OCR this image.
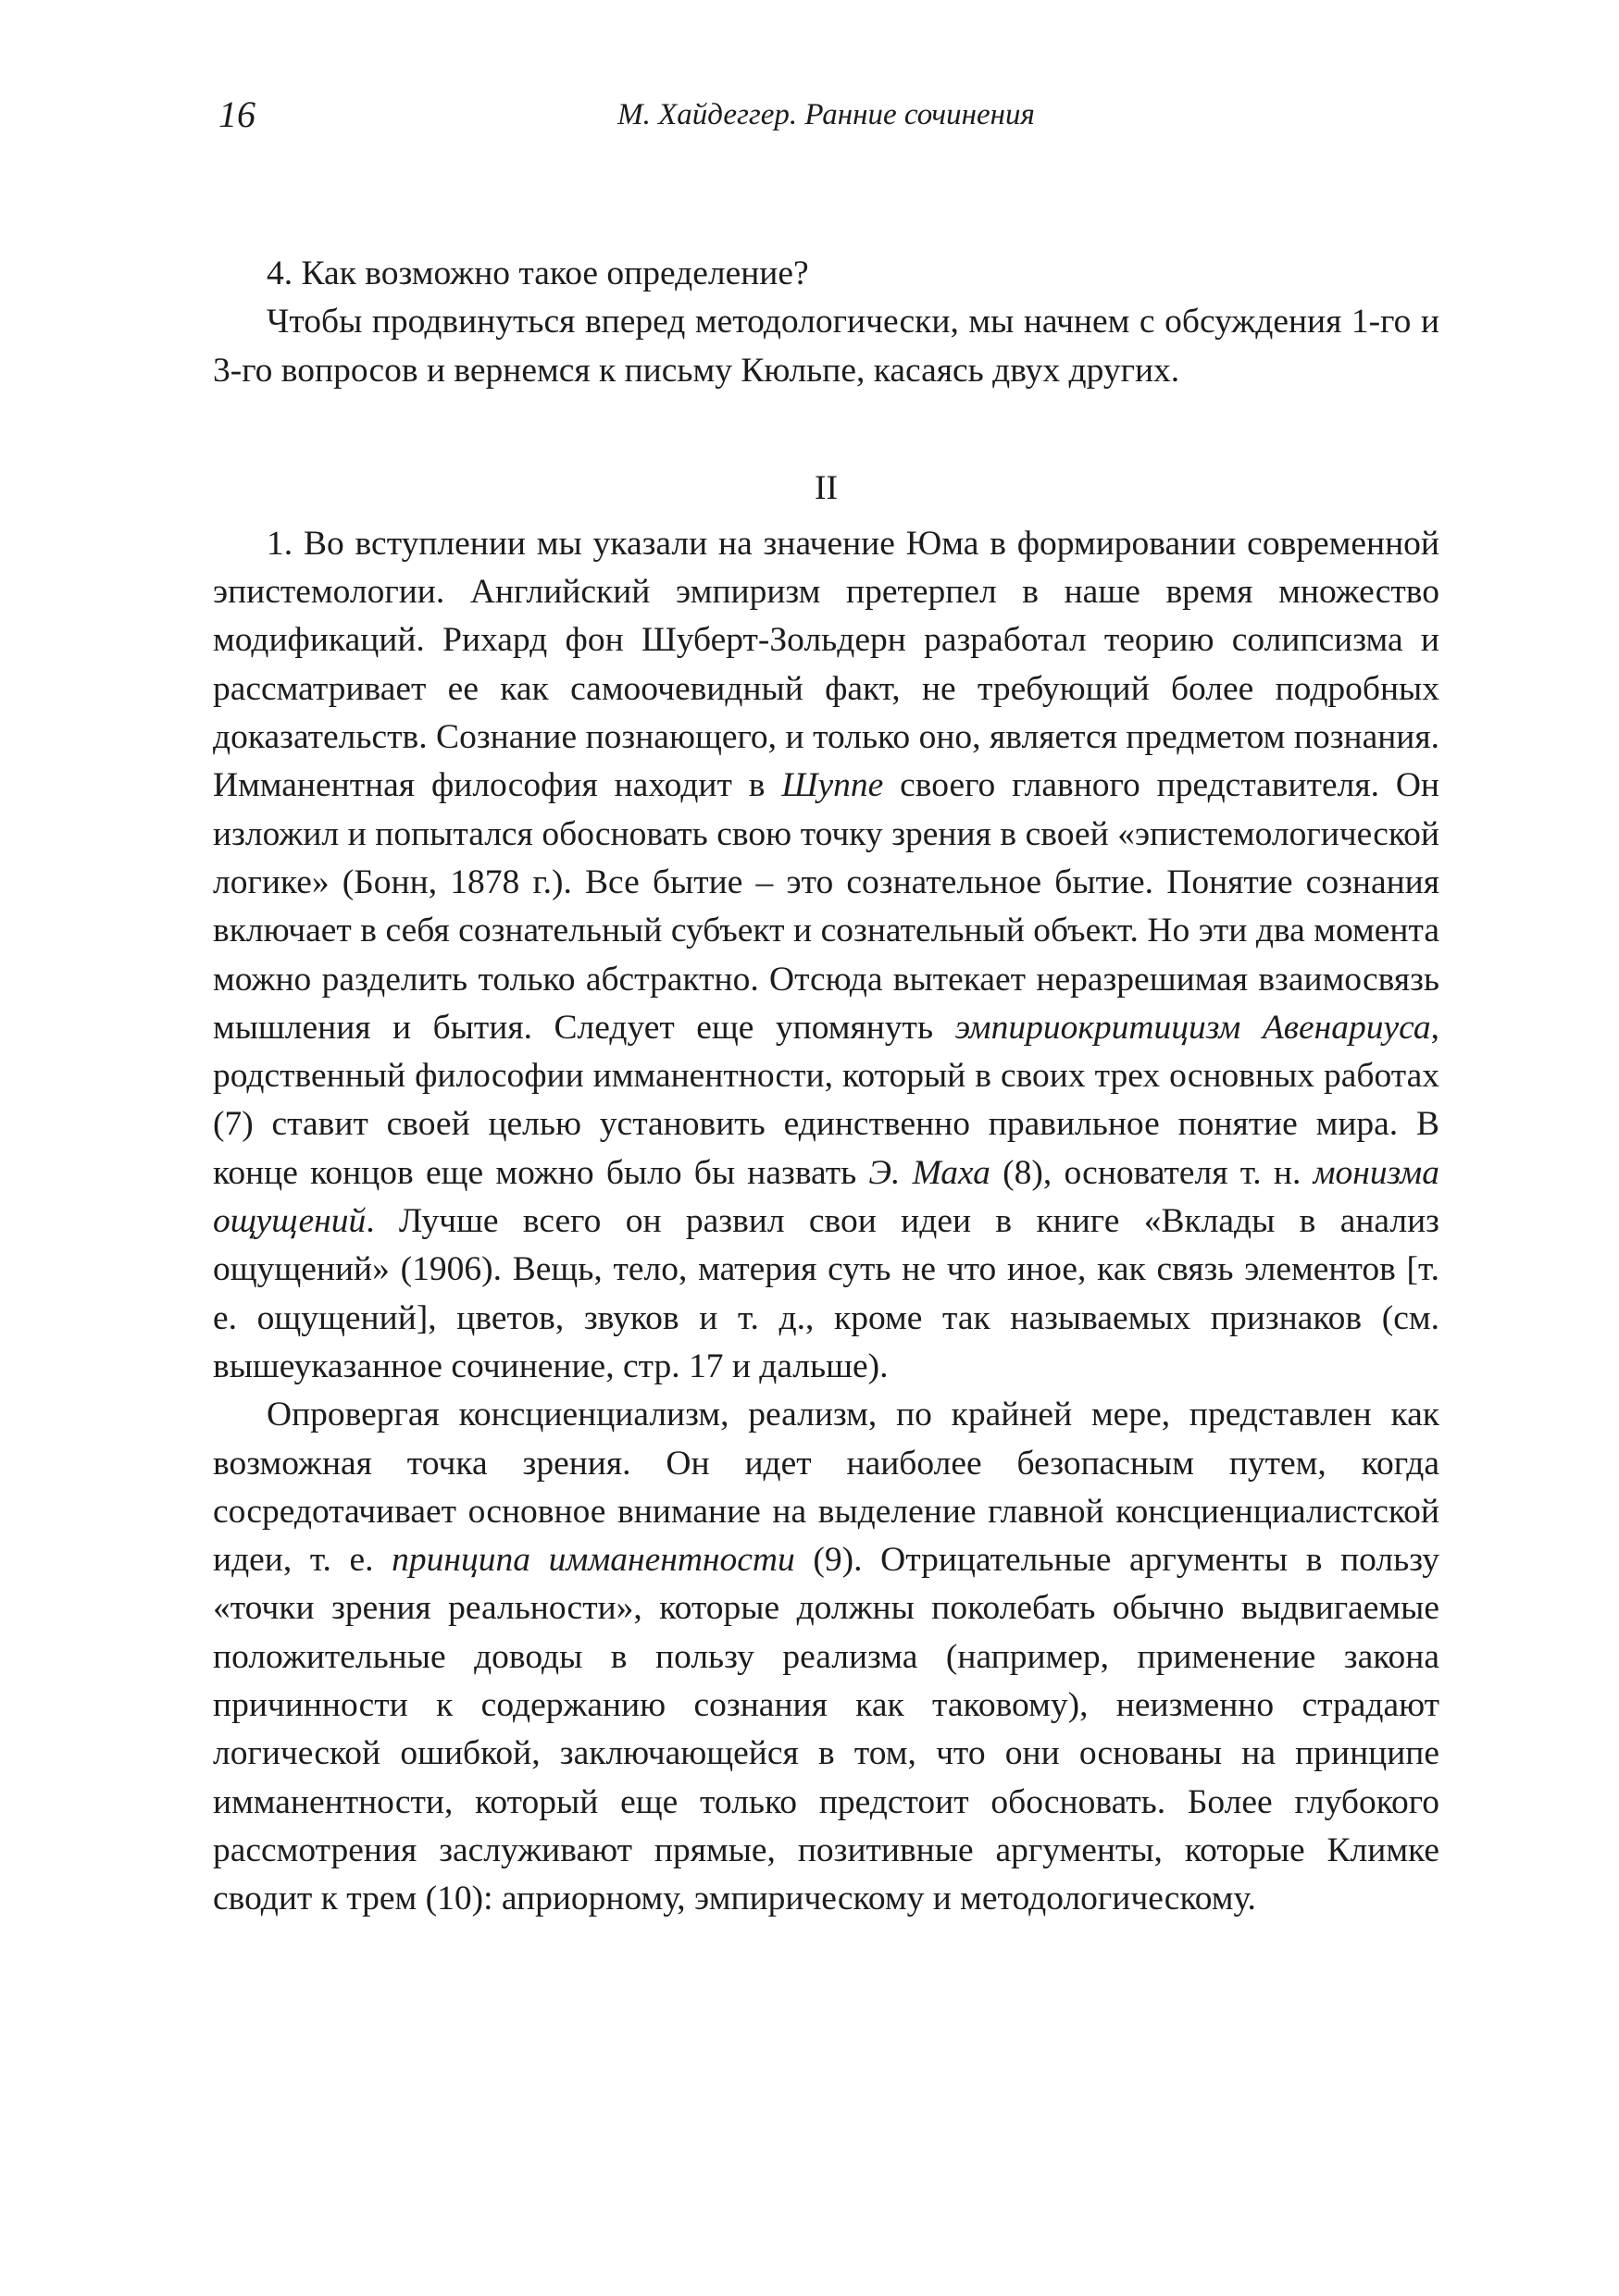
16	М. Хайдеггер. Ранние сочинения

4. Как возможно такое определение?

Чтобы продвинуться вперед методологически, мы начнем с обсуждения 1-го и 3-го вопросов и вернемся к письму Кюльпе, касаясь двух других.

II

1. Во вступлении мы указали на значение Юма в формировании современной эпистемологии. Английский эмпиризм претерпел в наше время множество модификаций. Рихард фон Шуберт-Зольдерн разработал теорию солипсизма и рассматривает ее как самоочевидный факт, не требующий более подробных доказательств. Сознание познающего, и только оно, является предметом познания. Имманентная философия находит в Шуппе своего главного представителя. Он изложил и попытался обосновать свою точку зрения в своей «эпистемологической логике» (Бонн, 1878 г.). Все бытие – это сознательное бытие. Понятие сознания включает в себя сознательный субъект и сознательный объект. Но эти два момента можно разделить только абстрактно. Отсюда вытекает неразрешимая взаимосвязь мышления и бытия. Следует еще упомянуть эмпириокритицизм Авенариуса, родственный философии имманентности, который в своих трех основных работах (7) ставит своей целью установить единственно правильное понятие мира. В конце концов еще можно было бы назвать Э. Маха (8), основателя т. н. монизма ощущений. Лучше всего он развил свои идеи в книге «Вклады в анализ ощущений» (1906). Вещь, тело, материя суть не что иное, как связь элементов [т. е. ощущений], цветов, звуков и т. д., кроме так называемых признаков (см. вышеуказанное сочинение, стр. 17 и дальше).

Опровергая консциенциализм, реализм, по крайней мере, представлен как возможная точка зрения. Он идет наиболее безопасным путем, когда сосредотачивает основное внимание на выделение главной консциенциалистской идеи, т. е. принципа имманентности (9). Отрицательные аргументы в пользу «точки зрения реальности», которые должны поколебать обычно выдвигаемые положительные доводы в пользу реализма (например, применение закона причинности к содержанию сознания как таковому), неизменно страдают логической ошибкой, заключающейся в том, что они основаны на принципе имманентности, который еще только предстоит обосновать. Более глубокого рассмотрения заслуживают прямые, позитивные аргументы, которые Климке сводит к трем (10): априорному, эмпирическому и методологическому.
